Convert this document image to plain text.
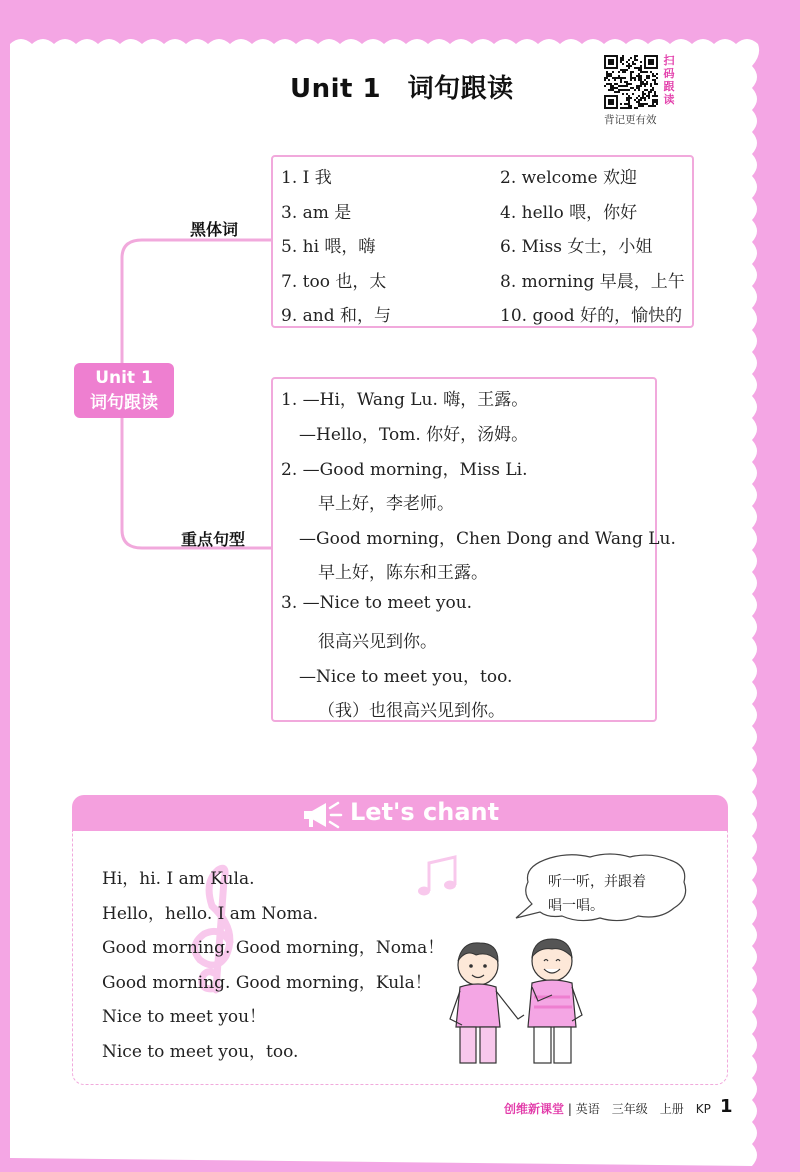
Unit 1　词句跟读
扫
码
跟
读
背记更有效
Unit 1
词句跟读
黑体词
重点句型
1. I 我	2. welcome 欢迎
3. am 是	4. hello 喂，你好
5. hi 喂，嗨	6. Miss 女士，小姐
7. too 也，太	8. morning 早晨，上午
9. and 和，与	10. good 好的，愉快的
1. —Hi，Wang Lu. 嗨，王露。
—Hello，Tom. 你好，汤姆。
2. —Good morning，Miss Li.
早上好，李老师。
—Good morning，Chen Dong and Wang Lu.
早上好，陈东和王露。
3. —Nice to meet you.
很高兴见到你。
—Nice to meet you，too.
（我）也很高兴见到你。
Let's chant
Hi，hi. I am Kula.
Hello，hello. I am Noma.
Good morning. Good morning，Noma！
Good morning. Good morning，Kula！
Nice to meet you！
Nice to meet you，too.
听一听，并跟着
唱一唱。
创维新课堂 | 英语　三年级　上册　KP 1
